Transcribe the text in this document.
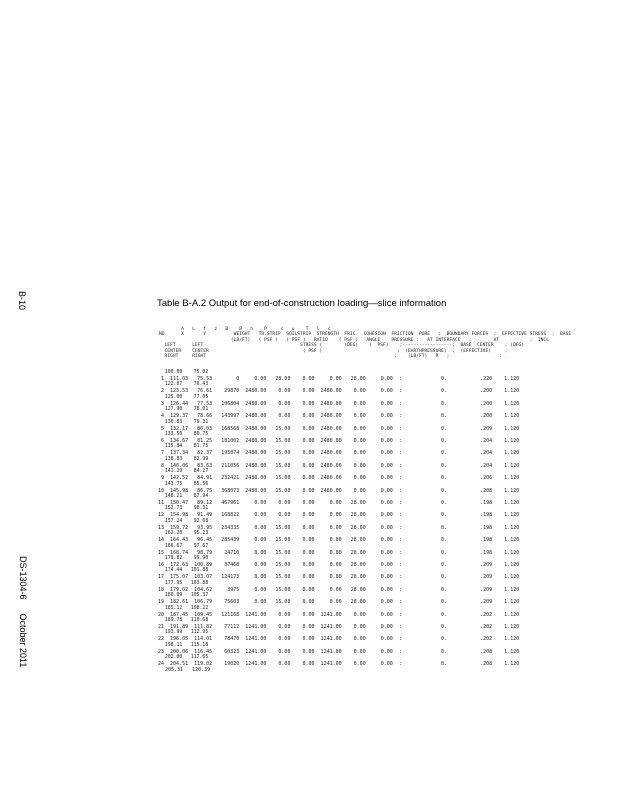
B-10
DS-1304-6October 2011
Table B-A.2 Output for end-of-construction loading—slice information
A   L   f   z   B    B   h    P     c   u    T   l   c
NO.     X       Y          WEIGHT   TR.STRIP  SOILSTRIP  STRENGTH  FRIC.  COHESION  FRICTION  PORE   ;  BOUNDARY FORCES  ;  EFFECTIVE STRESS  ;  BASE
(LB/FT)   ( PSF )   ( PSF )   RATIO    ( PSF )   ANGLE    PRESSURE ;   AT INTERFACE   ;        AT           ;  INCL
LEFT      LEFT                                   STRESS (        (DEG)    (  PSF)    ;------------------;  BASE  CENTER    ; (DEG)
CENTER    CENTER                                  ( PSF )                           ;  (EARTHPRESSURE)  ;  (EFFECTIVE)     ;
RIGHT     RIGHT                                                                    ;    (LB/FT)   R   ;                  ;
100.00    75.02
1  111.03   75.53        0     0.00   28.00    0.00     0.00   28.00     0.00  :             0.           .220    1.120
122.07    76.43
2  123.53   76.61    29870  2480.00    0.00    0.00  2480.00    0.00     0.00  :             0.           .200    1.120
125.00    77.05
3  126.44   77.53   106804  2480.00    0.00    0.00  2480.00    0.00     0.00  :             0.           .200    1.120
127.90    78.01
4  129.37   78.66   143997  2480.00    0.00    0.00  2480.00    0.00     0.00  :             0.           .200    1.120
130.83    79.31
5  132.17   80.03   168568  2480.00   15.00    0.00  2480.00    0.00     0.00  :             0.           .209    1.120
133.50    80.75
6  134.67   81.25   181002  2480.00   15.00    0.00  2480.00    0.00     0.00  :             0.           .204    1.120
135.84    81.75
7  137.34   82.37   195874  2480.00   15.00    0.00  2480.00    0.00     0.00  :             0.           .204    1.120
138.83    82.99
8  140.06   83.63   211056  2480.00   15.00    0.00  2480.00    0.00     0.00  :             0.           .204    1.120
141.29    84.27
9  142.52   84.91   232421  2480.00   15.00    0.00  2480.00    0.00     0.00  :             0.           .206    1.120
143.75    85.56
10  145.98   86.75   368073  2480.00   15.00    0.00  2480.00    0.00     0.00  :             0.           .208    1.120
148.21    87.94
11  150.47   89.12   467961     0.00    0.00    0.00     0.00   28.00     0.00  :             0.           .198    1.120
152.73    90.31
12  154.98   91.49   168822     0.00    0.00    0.00     0.00   28.00     0.00  :             0.           .198    1.120
157.24    92.68
13  159.72   93.95   234335     0.00   15.00    0.00     0.00   28.00     0.00  :             0.           .198    1.120
162.20    95.23
14  164.43   96.45   285439     0.00   15.00    0.00     0.00   28.00     0.00  :             0.           .198    1.120
166.67    97.67
15  168.74   98.79    24710     0.00   15.00    0.00     0.00   28.00     0.00  :             0.           .198    1.120
170.82    99.90
16  172.63  100.89    37468     0.00   15.00    0.00     0.00   28.00     0.00  :             0.           .209    1.120
174.44   101.88
17  175.07  103.07   124173     0.00   15.00    0.00     0.00   28.00     0.00  :             0.           .209    1.120
177.95   103.88
18  179.02  104.62     3975     0.00   15.00    0.00     0.00   28.00     0.00  :             0.           .209    1.120
180.09   105.37
19  182.61  106.79    75603     0.00   15.00    0.00     0.00   28.00     0.00  :             0.           .209    1.120
185.12   108.22
20  187.45  109.45   121168  1241.00    0.00    0.00  1241.00    0.00     0.00  :             0.           .202    1.120
189.78   110.68
21  191.89  111.82    77112  1241.00    0.00    0.00  1241.00    0.00     0.00  :             0.           .202    1.120
193.99   112.95
22  196.05  114.01    78470  1241.00    0.00    0.00  1241.00    0.00     0.00  :             0.           .202    1.120
198.11   115.18
23  200.06  116.45    60323  1241.00    0.00    0.00  1241.00    0.00     0.00  :             0.           .208    1.120
202.00   117.65
24  204.51  119.02    19020  1241.00    0.00    0.00  1241.00    0.00     0.00  :             0.           .208    1.120
205.31   120.39
